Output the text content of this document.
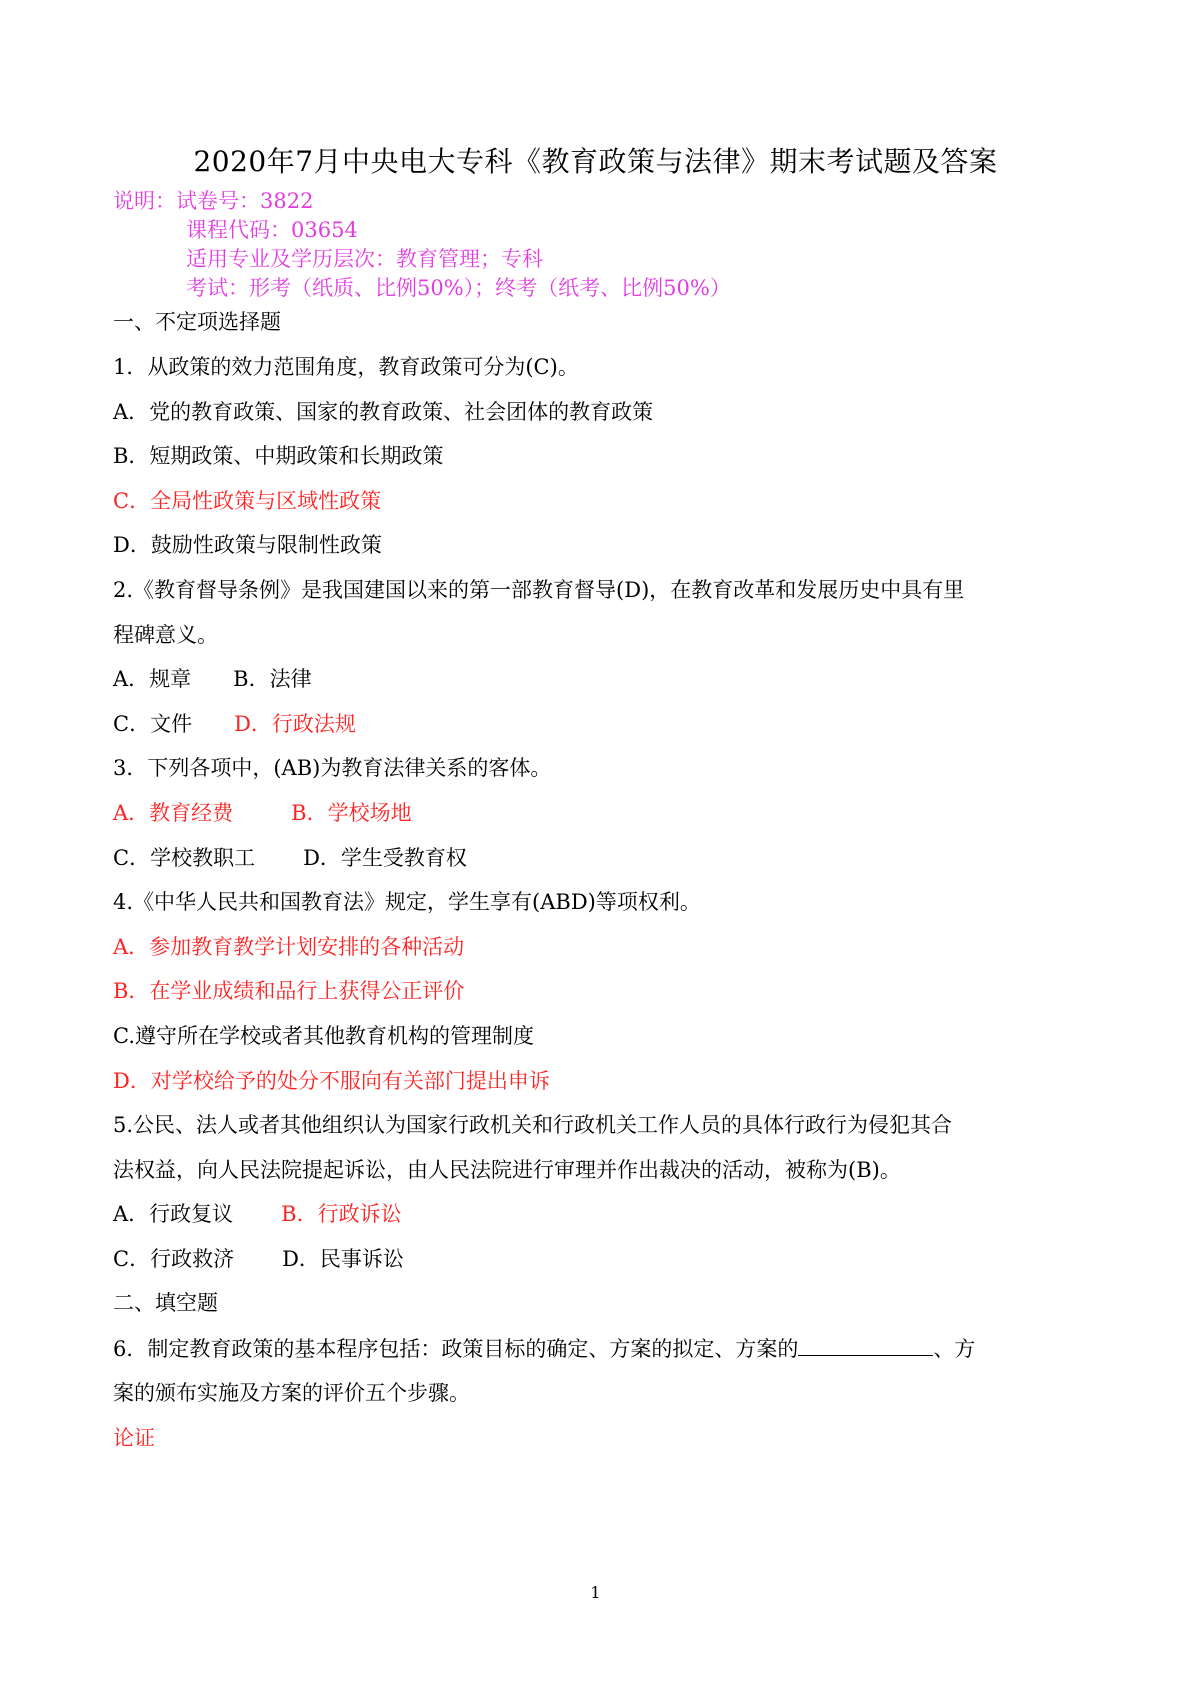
2020年7月中央电大专科《教育政策与法律》期末考试题及答案
说明：试卷号：3822
课程代码：03654
适用专业及学历层次：教育管理；专科
考试：形考（纸质、比例50%）；终考（纸考、比例50%）
一、不定项选择题
1．从政策的效力范围角度，教育政策可分为(C)。
A．党的教育政策、国家的教育政策、社会团体的教育政策
B．短期政策、中期政策和长期政策
C．全局性政策与区域性政策
D．鼓励性政策与限制性政策
2.《教育督导条例》是我国建国以来的第一部教育督导(D)，在教育改革和发展历史中具有里
程碑意义。
A．规章 B．法律
C．文件 D．行政法规
3．下列各项中，(AB)为教育法律关系的客体。
A．教育经费	B．学校场地
C．学校教职工 D．学生受教育权
4.《中华人民共和国教育法》规定，学生享有(ABD)等项权利。
A．参加教育教学计划安排的各种活动
B．在学业成绩和品行上获得公正评价
C.遵守所在学校或者其他教育机构的管理制度
D．对学校给予的处分不服向有关部门提出申诉
5.公民、法人或者其他组织认为国家行政机关和行政机关工作人员的具体行政行为侵犯其合
法权益，向人民法院提起诉讼，由人民法院进行审理并作出裁决的活动，被称为(B)。
A．行政复议 B．行政诉讼
C．行政救济 D．民事诉讼
二、填空题
6．制定教育政策的基本程序包括：政策目标的确定、方案的拟定、方案的	、方
案的颁布实施及方案的评价五个步骤。
论证
1
